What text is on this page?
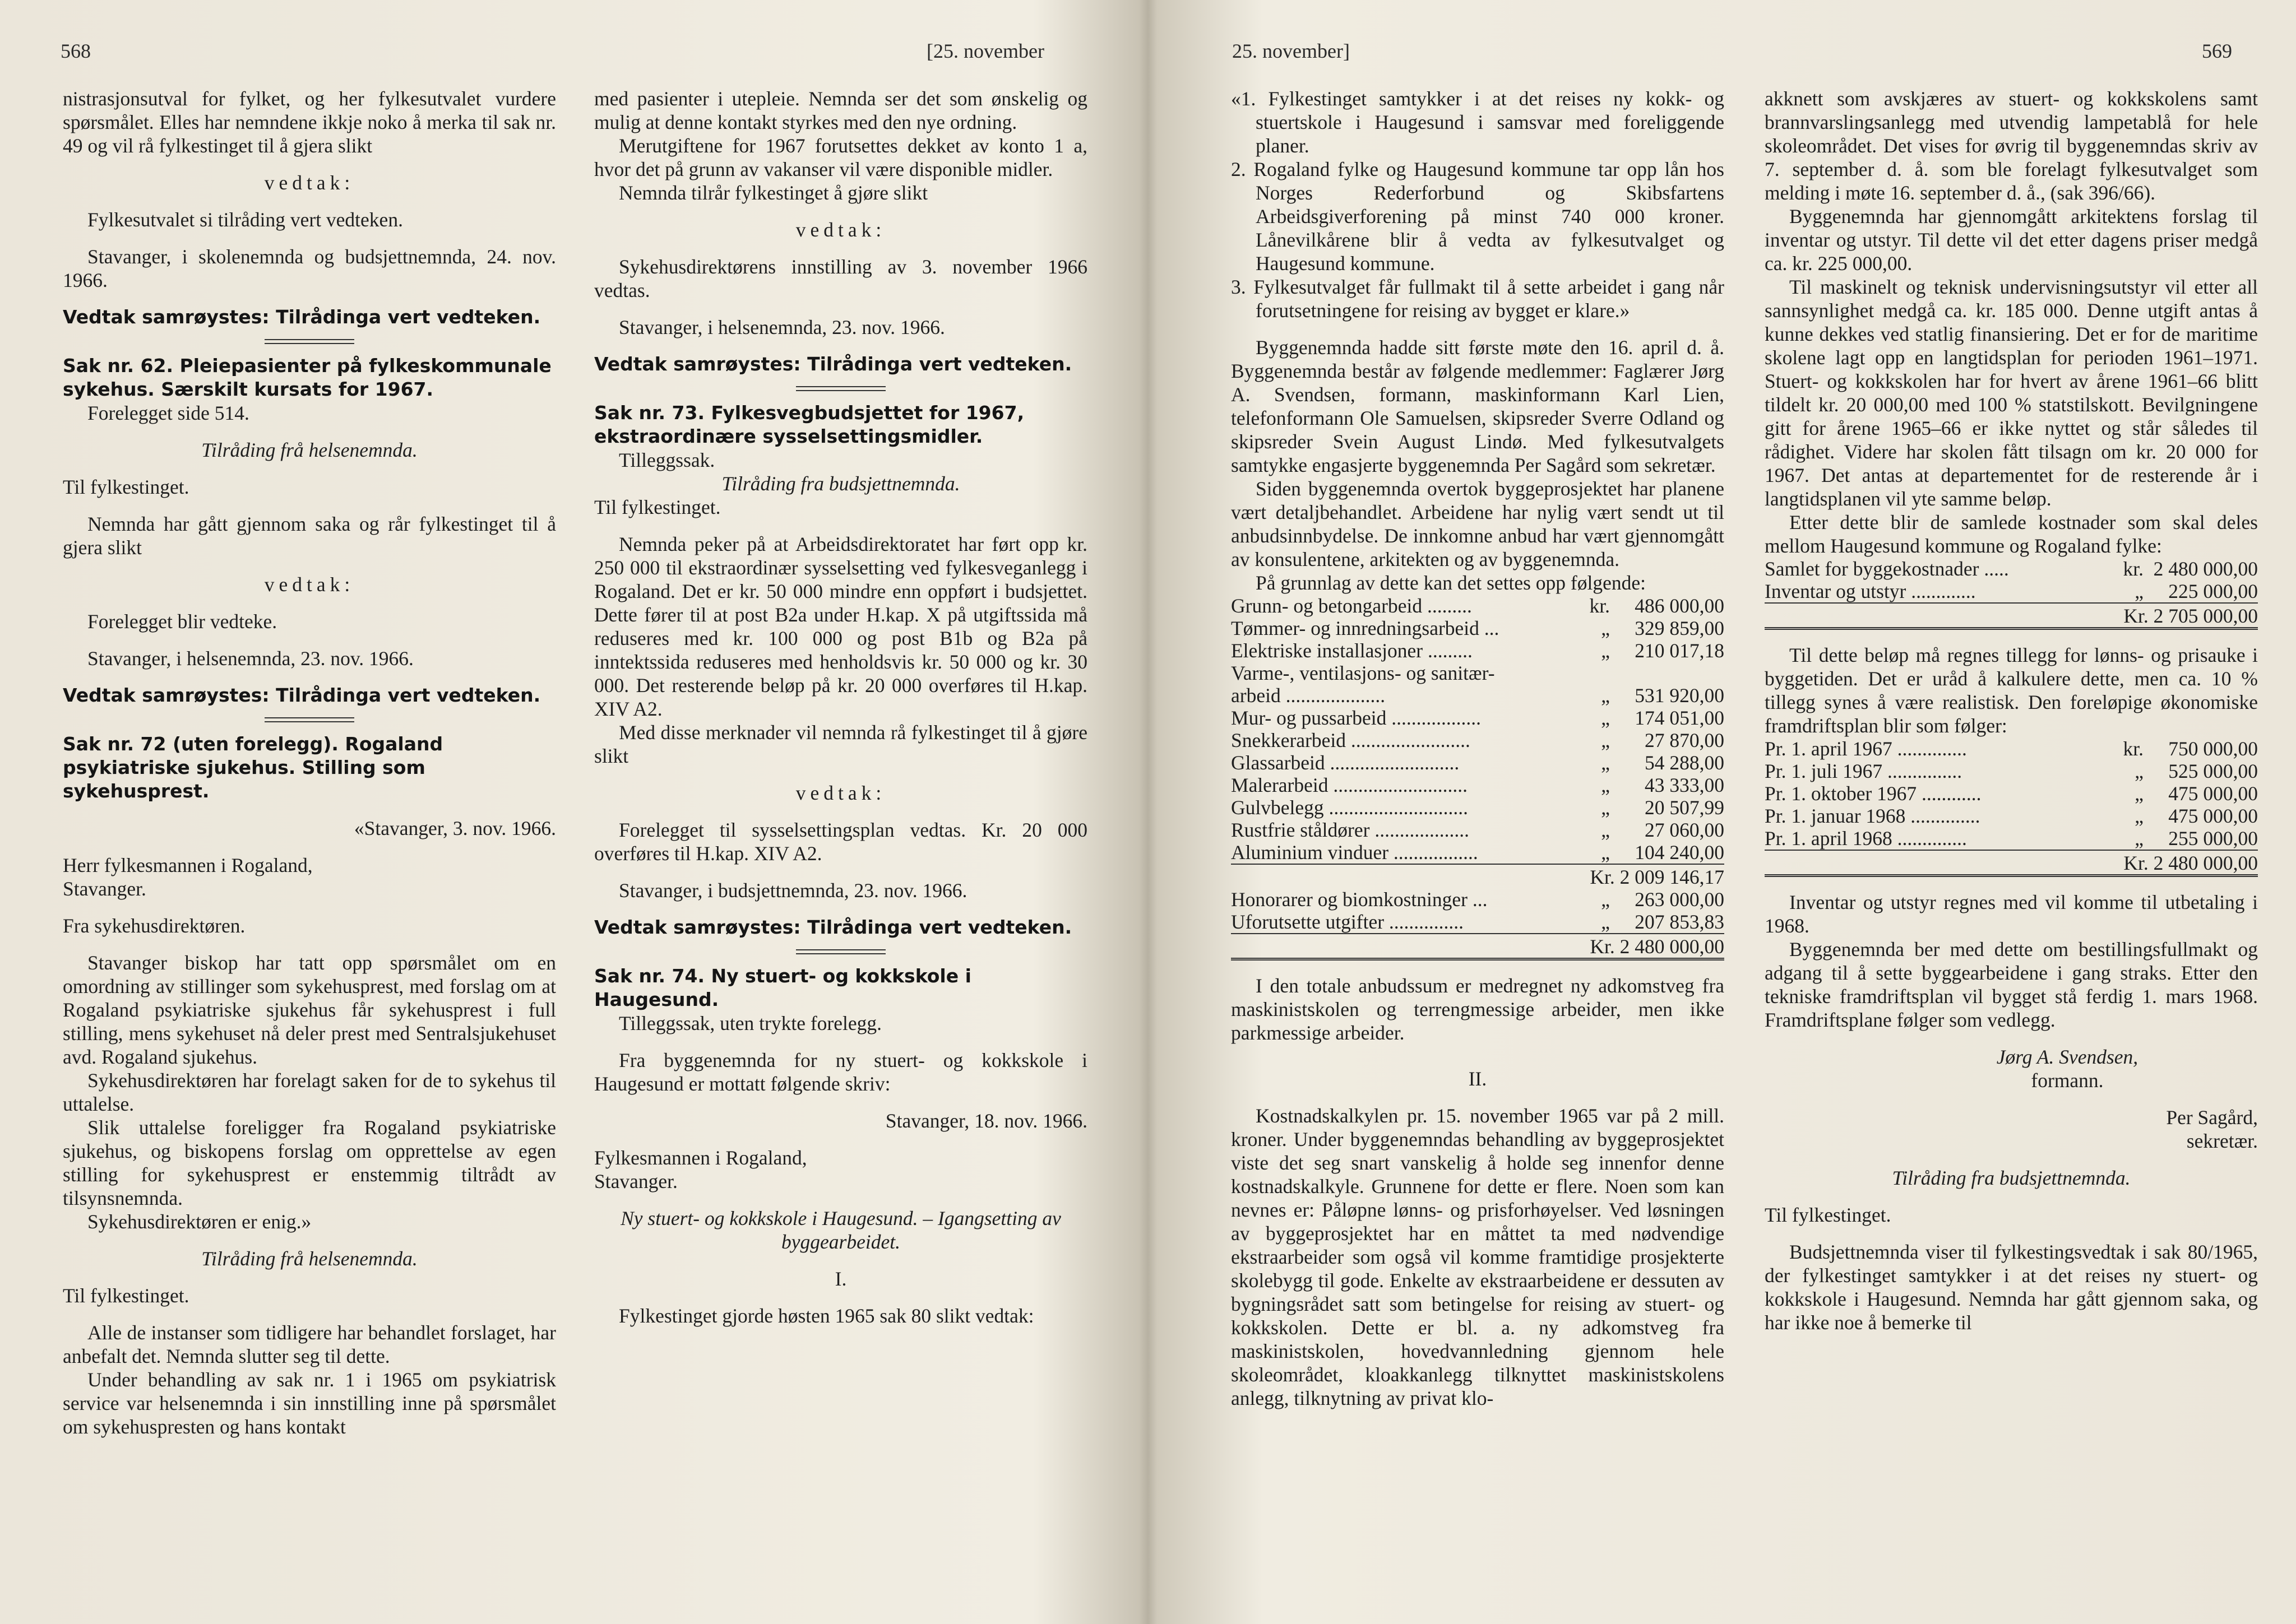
568	[25. november

nistrasjonsutval for fylket, og her fylkesutvalet vurdere spørsmålet. Elles har nemndene ikkje noko å merka til sak nr. 49 og vil rå fylkestinget til å gjera slikt

vedtak:

Fylkesutvalet si tilråding vert vedteken.

Stavanger, i skolenemnda og budsjettnemnda, 24. nov. 1966.

Vedtak samrøystes: Tilrådinga vert vedteken.
Sak nr. 62. Pleiepasienter på fylkeskommunale sykehus. Særskilt kursats for 1967.

Forelegget side 514.

Tilråding frå helsenemnda.

Til fylkestinget.

Nemnda har gått gjennom saka og rår fylkestinget til å gjera slikt

vedtak:

Forelegget blir vedteke.

Stavanger, i helsenemnda, 23. nov. 1966.

Vedtak samrøystes: Tilrådinga vert vedteken.
Sak nr. 72 (uten forelegg). Rogaland psykiatriske sjukehus. Stilling som sykehusprest.

«Stavanger, 3. nov. 1966.

Herr fylkesmannen i Rogaland,

Stavanger.

Fra sykehusdirektøren.

Stavanger biskop har tatt opp spørsmålet om en omordning av stillinger som sykehusprest, med forslag om at Rogaland psykiatriske sjukehus får sykehusprest i full stilling, mens sykehuset nå deler prest med Sentralsjukehuset avd. Rogaland sjukehus.

Sykehusdirektøren har forelagt saken for de to sykehus til uttalelse.

Slik uttalelse foreligger fra Rogaland psykiatriske sjukehus, og biskopens forslag om opprettelse av egen stilling for sykehusprest er enstemmig tiltrådt av tilsynsnemnda.

Sykehusdirektøren er enig.»

Tilråding frå helsenemnda.

Til fylkestinget.

Alle de instanser som tidligere har behandlet forslaget, har anbefalt det. Nemnda slutter seg til dette.

Under behandling av sak nr. 1 i 1965 om psykiatrisk service var helsenemnda i sin innstilling inne på spørsmålet om sykehuspresten og hans kontakt

med pasienter i utepleie. Nemnda ser det som ønskelig og mulig at denne kontakt styrkes med den nye ordning.

Merutgiftene for 1967 forutsettes dekket av konto 1 a, hvor det på grunn av vakanser vil være disponible midler.

Nemnda tilrår fylkestinget å gjøre slikt

vedtak:

Sykehusdirektørens innstilling av 3. november 1966 vedtas.

Stavanger, i helsenemnda, 23. nov. 1966.

Vedtak samrøystes: Tilrådinga vert vedteken.
Sak nr. 73. Fylkesvegbudsjettet for 1967, ekstraordinære sysselsettingsmidler.

Tilleggssak.

Tilråding fra budsjettnemnda.

Til fylkestinget.

Nemnda peker på at Arbeidsdirektoratet har ført opp kr. 250 000 til ekstraordinær sysselsetting ved fylkesveganlegg i Rogaland. Det er kr. 50 000 mindre enn oppført i budsjettet. Dette fører til at post B2a under H.kap. X på utgiftssida må reduseres med kr. 100 000 og post B1b og B2a på inntektssida reduseres med henholdsvis kr. 50 000 og kr. 30 000. Det resterende beløp på kr. 20 000 overføres til H.kap. XIV A2.

Med disse merknader vil nemnda rå fylkestinget til å gjøre slikt

vedtak:

Forelegget til sysselsettingsplan vedtas. Kr. 20 000 overføres til H.kap. XIV A2.

Stavanger, i budsjettnemnda, 23. nov. 1966.

Vedtak samrøystes: Tilrådinga vert vedteken.
Sak nr. 74. Ny stuert- og kokkskole i Haugesund.

Tilleggssak, uten trykte forelegg.

Fra byggenemnda for ny stuert- og kokkskole i Haugesund er mottatt følgende skriv:

Stavanger, 18. nov. 1966.

Fylkesmannen i Rogaland,

Stavanger.

Ny stuert- og kokkskole i Haugesund. – Igangsetting av byggearbeidet.

I.

Fylkestinget gjorde høsten 1965 sak 80 slikt vedtak:

25. november]	569

«1. Fylkestinget samtykker i at det reises ny kokk- og stuertskole i Haugesund i samsvar med foreliggende planer.

2. Rogaland fylke og Haugesund kommune tar opp lån hos Norges Rederforbund og Skibsfartens Arbeidsgiverforening på minst 740 000 kroner. Lånevilkårene blir å vedta av fylkesutvalget og Haugesund kommune.

3. Fylkesutvalget får fullmakt til å sette arbeidet i gang når forutsetningene for reising av bygget er klare.»

Byggenemnda hadde sitt første møte den 16. april d. å. Byggenemnda består av følgende medlemmer: Faglærer Jørg A. Svendsen, formann, maskinformann Karl Lien, telefonformann Ole Samuelsen, skipsreder Sverre Odland og skipsreder Svein August Lindø. Med fylkesutvalgets samtykke engasjerte byggenemnda Per Sagård som sekretær.

Siden byggenemnda overtok byggeprosjektet har planene vært detaljbehandlet. Arbeidene har nylig vært sendt ut til anbudsinnbydelse. De innkomne anbud har vært gjennomgått av konsulentene, arkitekten og av byggenemnda.

På grunnlag av dette kan det settes opp følgende:

Grunn- og betongarbeid .........	kr.	486 000,00
Tømmer- og innredningsarbeid ...	„	329 859,00
Elektriske installasjoner .........	„	210 017,18
Varme-, ventilasjons- og sanitær-		
arbeid ....................	„	531 920,00
Mur- og pussarbeid ..................	„	174 051,00
Snekkerarbeid ........................	„	27 870,00
Glassarbeid ..........................	„	54 288,00
Malerarbeid ...........................	„	43 333,00
Gulvbelegg ............................	„	20 507,99
Rustfrie ståldører ...................	„	27 060,00
Aluminium vinduer .................	„	104 240,00
Kr. 2 009 146,17		
Honorarer og biomkostninger ...	„	263 000,00
Uforutsette utgifter ...............	„	207 853,83
Kr. 2 480 000,00		

I den totale anbudssum er medregnet ny adkomstveg fra maskinistskolen og terrengmessige arbeider, men ikke parkmessige arbeider.

II.

Kostnadskalkylen pr. 15. november 1965 var på 2 mill. kroner. Under byggenemndas behandling av byggeprosjektet viste det seg snart vanskelig å holde seg innenfor denne kostnadskalkyle. Grunnene for dette er flere. Noen som kan nevnes er: Påløpne lønns- og prisforhøyelser. Ved løsningen av byggeprosjektet har en måttet ta med nødvendige ekstraarbeider som også vil komme framtidige prosjekterte skolebygg til gode. Enkelte av ekstraarbeidene er dessuten av bygningsrådet satt som betingelse for reising av stuert- og kokkskolen. Dette er bl. a. ny adkomstveg fra maskinistskolen, hovedvannledning gjennom hele skoleområdet, kloakkanlegg tilknyttet maskinistskolens anlegg, tilknytning av privat klo-

akknett som avskjæres av stuert- og kokkskolens samt brannvarslingsanlegg med utvendig lampetablå for hele skoleområdet. Det vises for øvrig til byggenemndas skriv av 7. september d. å. som ble forelagt fylkesutvalget som melding i møte 16. september d. å., (sak 396/66).

Byggenemnda har gjennomgått arkitektens forslag til inventar og utstyr. Til dette vil det etter dagens priser medgå ca. kr. 225 000,00.

Til maskinelt og teknisk undervisningsutstyr vil etter all sannsynlighet medgå ca. kr. 185 000. Denne utgift antas å kunne dekkes ved statlig finansiering. Det er for de maritime skolene lagt opp en langtidsplan for perioden 1961–1971. Stuert- og kokkskolen har for hvert av årene 1961–66 blitt tildelt kr. 20 000,00 med 100 % statstilskott. Bevilgningene gitt for årene 1965–66 er ikke nyttet og står således til rådighet. Videre har skolen fått tilsagn om kr. 20 000 for 1967. Det antas at departementet for de resterende år i langtidsplanen vil yte samme beløp.

Etter dette blir de samlede kostnader som skal deles mellom Haugesund kommune og Rogaland fylke:

Samlet for byggekostnader .....	kr.	2 480 000,00
Inventar og utstyr .............	„	225 000,00
Kr. 2 705 000,00		

Til dette beløp må regnes tillegg for lønns- og prisauke i byggetiden. Det er uråd å kalkulere dette, men ca. 10 % tillegg synes å være realistisk. Den foreløpige økonomiske framdriftsplan blir som følger:

Pr. 1. april 1967 ..............	kr.	750 000,00
Pr. 1. juli 1967 ...............	„	525 000,00
Pr. 1. oktober 1967 ............	„	475 000,00
Pr. 1. januar 1968 ..............	„	475 000,00
Pr. 1. april 1968 ..............	„	255 000,00
Kr. 2 480 000,00		

Inventar og utstyr regnes med vil komme til utbetaling i 1968.

Byggenemnda ber med dette om bestillingsfullmakt og adgang til å sette byggearbeidene i gang straks. Etter den tekniske framdriftsplan vil bygget stå ferdig 1. mars 1968. Framdriftsplane følger som vedlegg.

Jørg A. Svendsen,

formann.

Per Sagård,

sekretær.

Tilråding fra budsjettnemnda.

Til fylkestinget.

Budsjettnemnda viser til fylkestingsvedtak i sak 80/1965, der fylkestinget samtykker i at det reises ny stuert- og kokkskole i Haugesund. Nemnda har gått gjennom saka, og har ikke noe å bemerke til
